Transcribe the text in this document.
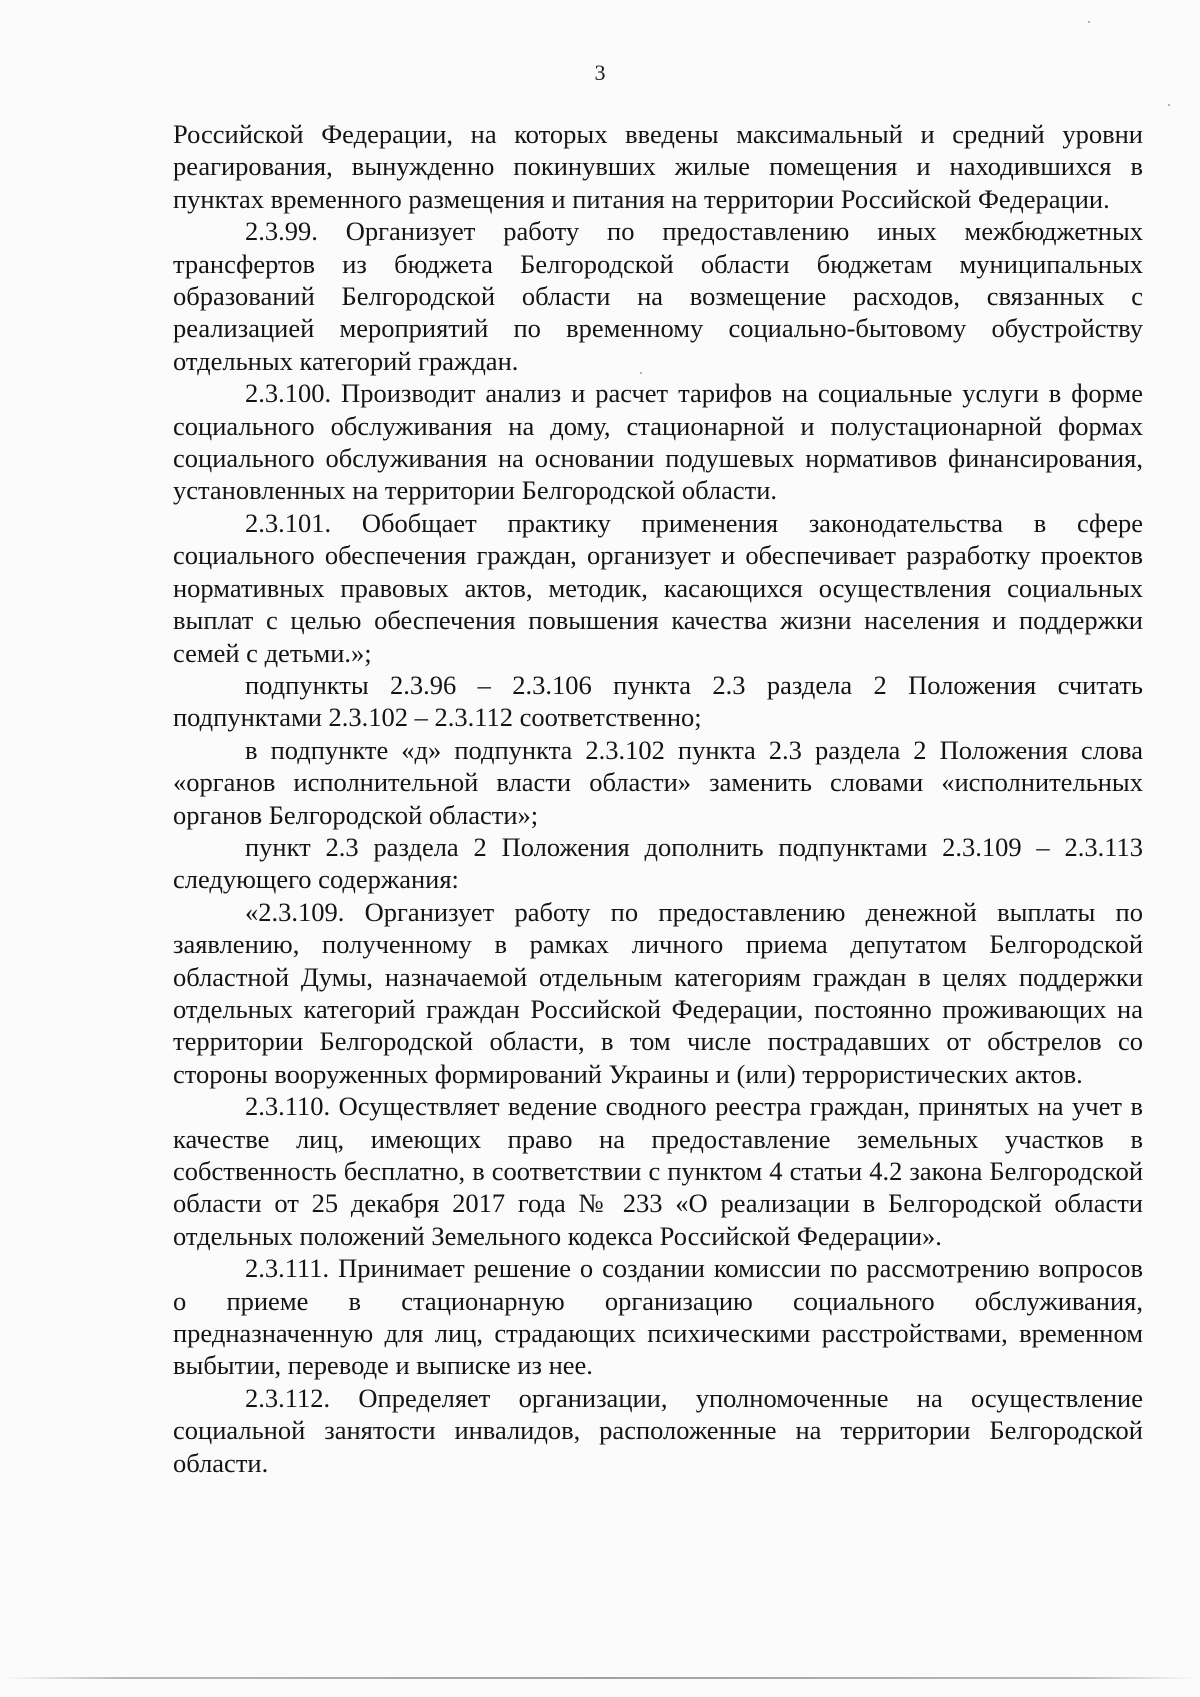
3

Российской Федерации, на которых введены максимальный и средний уровни реагирования, вынужденно покинувших жилые помещения и находившихся в пунктах временного размещения и питания на территории Российской Федерации.

2.3.99. Организует работу по предоставлению иных межбюджетных трансфертов из бюджета Белгородской области бюджетам муниципальных образований Белгородской области на возмещение расходов, связанных с реализацией мероприятий по временному социально-бытовому обустройству отдельных категорий граждан.

2.3.100. Производит анализ и расчет тарифов на социальные услуги в форме социального обслуживания на дому, стационарной и полустационарной формах социального обслуживания на основании подушевых нормативов финансирования, установленных на территории Белгородской области.

2.3.101. Обобщает практику применения законодательства в сфере социального обеспечения граждан, организует и обеспечивает разработку проектов нормативных правовых актов, методик, касающихся осуществления социальных выплат с целью обеспечения повышения качества жизни населения и поддержки семей с детьми.»;

подпункты 2.3.96 – 2.3.106 пункта 2.3 раздела 2 Положения считать подпунктами 2.3.102 – 2.3.112 соответственно;

в подпункте «д» подпункта 2.3.102 пункта 2.3 раздела 2 Положения слова «органов исполнительной власти области» заменить словами «исполнительных органов Белгородской области»;

пункт 2.3 раздела 2 Положения дополнить подпунктами 2.3.109 – 2.3.113 следующего содержания:

«2.3.109. Организует работу по предоставлению денежной выплаты по заявлению, полученному в рамках личного приема депутатом Белгородской областной Думы, назначаемой отдельным категориям граждан в целях поддержки отдельных категорий граждан Российской Федерации, постоянно проживающих на территории Белгородской области, в том числе пострадавших от обстрелов со стороны вооруженных формирований Украины и (или) террористических актов.

2.3.110. Осуществляет ведение сводного реестра граждан, принятых на учет в качестве лиц, имеющих право на предоставление земельных участков в собственность бесплатно, в соответствии с пунктом 4 статьи 4.2 закона Белгородской области от 25 декабря 2017 года № 233 «О реализации в Белгородской области отдельных положений Земельного кодекса Российской Федерации».

2.3.111. Принимает решение о создании комиссии по рассмотрению вопросов о приеме в стационарную организацию социального обслуживания, предназначенную для лиц, страдающих психическими расстройствами, временном выбытии, переводе и выписке из нее.

2.3.112. Определяет организации, уполномоченные на осуществление социальной занятости инвалидов, расположенные на территории Белгородской области.
